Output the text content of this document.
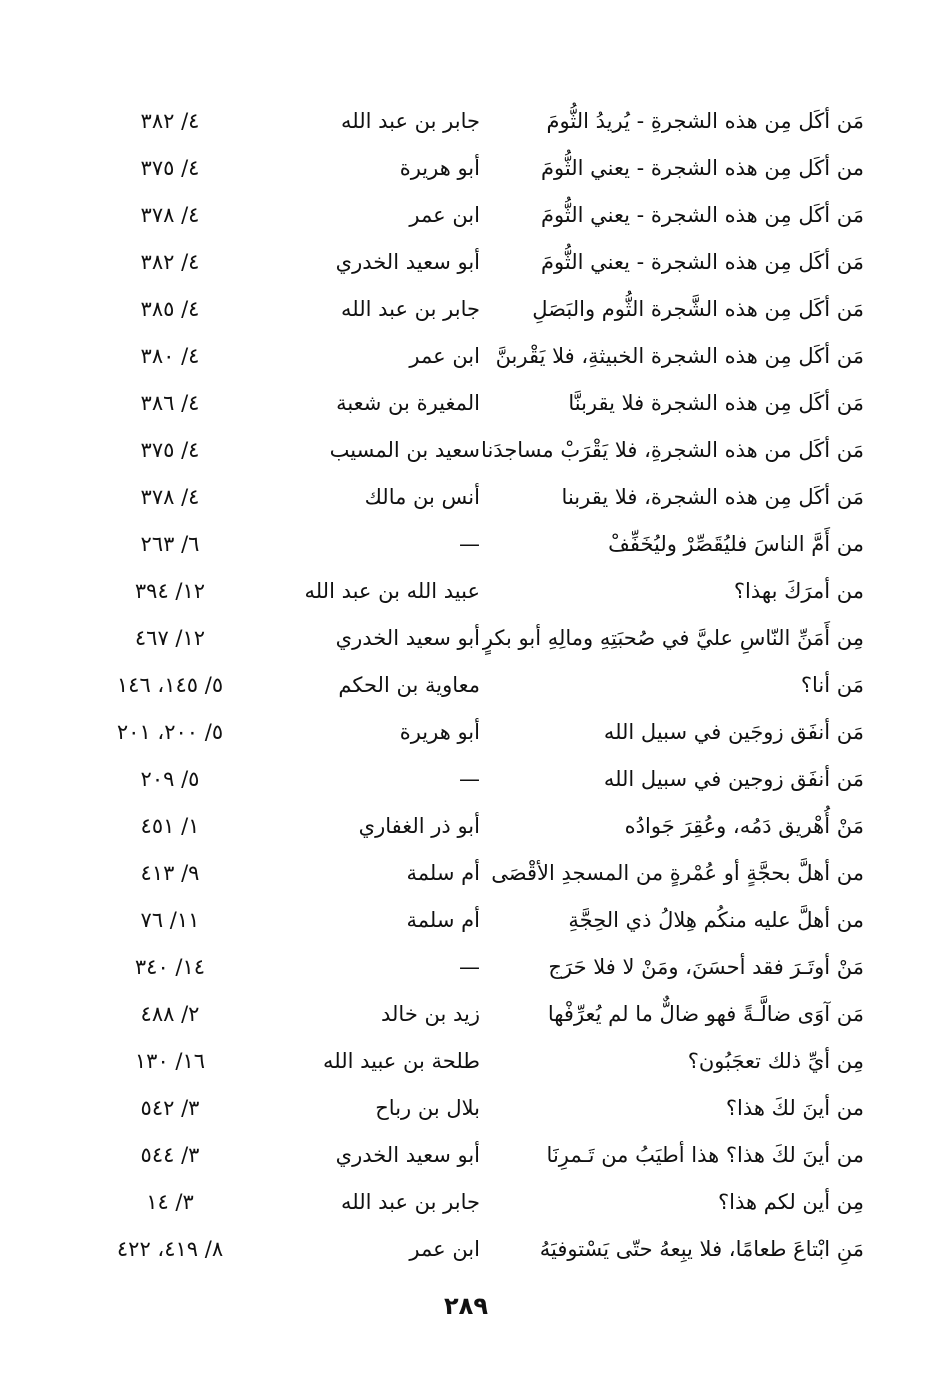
مَن أكَل مِن هذه الشجرةِ - يُريدُ الثُّومَ
جابر بن عبد الله
٤/ ٣٨٢
من أكَل مِن هذه الشجرة - يعني الثُّومَ
أبو هريرة
٤/ ٣٧٥
مَن أكَل مِن هذه الشجرة - يعني الثُّومَ
ابن عمر
٤/ ٣٧٨
مَن أكَل مِن هذه الشجرة - يعني الثُّومَ
أبو سعيد الخدري
٤/ ٣٨٢
مَن أكَل مِن هذه الشَّجرة الثُّوم والبَصَلِ
جابر بن عبد الله
٤/ ٣٨٥
مَن أكَل مِن هذه الشجرة الخبيثةِ، فلا يَقْربنَّ
ابن عمر
٤/ ٣٨٠
مَن أكَل مِن هذه الشجرة فلا يقربنَّا
المغيرة بن شعبة
٤/ ٣٨٦
مَن أكَل من هذه الشجرةِ، فلا يَقْرَبْ مساجدَنا
سعيد بن المسيب
٤/ ٣٧٥
مَن أكَل مِن هذه الشجرة، فلا يقربنا
أنس بن مالك
٤/ ٣٧٨
من أَمَّ الناسَ فليُقَصِّرْ وليُخَفِّفْ
—
٦/ ٢٦٣
من أمرَكَ بهذا؟
عبيد الله بن عبد الله
١٢/ ٣٩٤
مِن أَمَنِّ النّاسِ عليَّ في صُحبَتِهِ ومالِهِ أبو بكرٍ
أبو سعيد الخدري
١٢/ ٤٦٧
مَن أنا؟
معاوية بن الحكم
٥/ ١٤٥، ١٤٦
مَن أنفَق زوجَين في سبيل الله
أبو هريرة
٥/ ٢٠٠، ٢٠١
مَن أنفَق زوجين في سبيل الله
—
٥/ ٢٠٩
مَنْ أُهْريق دَمُه، وعُقِرَ جَوادُه
أبو ذر الغفاري
١/ ٤٥١
من أهلَّ بحجَّةٍ أو عُمْرةٍ من المسجدِ الأقْصَى
أم سلمة
٩/ ٤١٣
من أهلَّ عليه منكُم هِلالُ ذي الحِجَّةِ
أم سلمة
١١/ ٧٦
مَنْ أوتَـرَ فقد أحسَنَ، ومَنْ لا فلا حَرَج
—
١٤/ ٣٤٠
مَن آوَى ضالَّـةً فهو ضالٌّ ما لم يُعرِّفْها
زيد بن خالد
٢/ ٤٨٨
مِن أيِّ ذلك تعجَبُون؟
طلحة بن عبيد الله
١٦/ ١٣٠
من أينَ لكَ هذا؟
بلال بن رباح
٣/ ٥٤٢
من أينَ لكَ هذا؟ هذا أطيَبُ من تَـمرِنَا
أبو سعيد الخدري
٣/ ٥٤٤
مِن أين لكم هذا؟
جابر بن عبد الله
٣/ ١٤
مَنِ ابْتاعَ طعامًا، فلا يبِعهُ حتّى يَسْتوفيَهُ
ابن عمر
٨/ ٤١٩، ٤٢٢
٢٨٩
